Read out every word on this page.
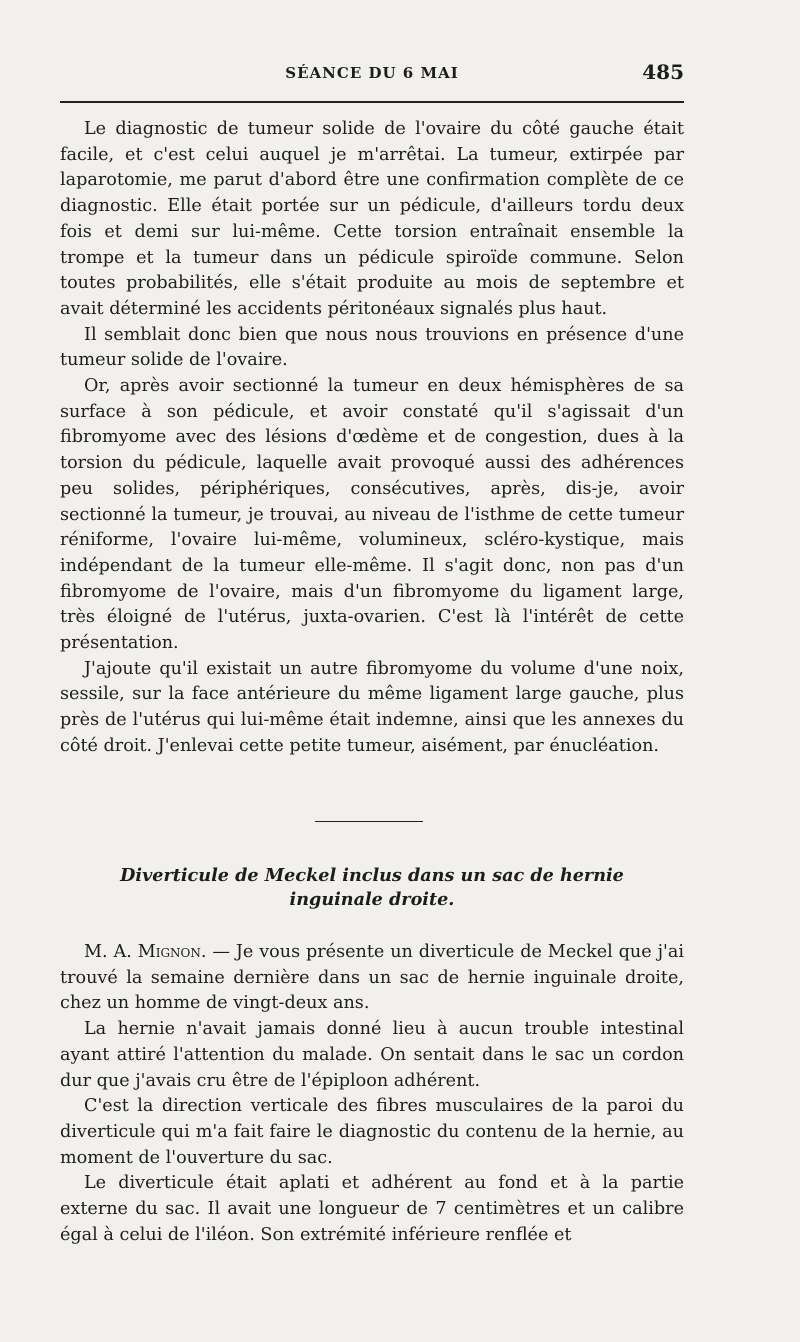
SÉANCE DU 6 MAI	485

Le diagnostic de tumeur solide de l'ovaire du côté gauche était facile, et c'est celui auquel je m'arrêtai. La tumeur, extirpée par laparotomie, me parut d'abord être une confirmation complète de ce diagnostic. Elle était portée sur un pédicule, d'ailleurs tordu deux fois et demi sur lui-même. Cette torsion entraînait ensemble la trompe et la tumeur dans un pédicule spiroïde commune. Selon toutes probabilités, elle s'était produite au mois de septembre et avait déterminé les accidents péritonéaux signalés plus haut.

Il semblait donc bien que nous nous trouvions en présence d'une tumeur solide de l'ovaire.

Or, après avoir sectionné la tumeur en deux hémisphères de sa surface à son pédicule, et avoir constaté qu'il s'agissait d'un fibromyome avec des lésions d'œdème et de congestion, dues à la torsion du pédicule, laquelle avait provoqué aussi des adhérences peu solides, périphériques, consécutives, après, dis-je, avoir sectionné la tumeur, je trouvai, au niveau de l'isthme de cette tumeur réniforme, l'ovaire lui-même, volumineux, scléro-kystique, mais indépendant de la tumeur elle-même. Il s'agit donc, non pas d'un fibromyome de l'ovaire, mais d'un fibromyome du ligament large, très éloigné de l'utérus, juxta-ovarien. C'est là l'intérêt de cette présentation.

J'ajoute qu'il existait un autre fibromyome du volume d'une noix, sessile, sur la face antérieure du même ligament large gauche, plus près de l'utérus qui lui-même était indemne, ainsi que les annexes du côté droit. J'enlevai cette petite tumeur, aisément, par énucléation.

Diverticule de Meckel inclus dans un sac de hernie
inguinale droite.

M. A. Mignon. — Je vous présente un diverticule de Meckel que j'ai trouvé la semaine dernière dans un sac de hernie inguinale droite, chez un homme de vingt-deux ans.

La hernie n'avait jamais donné lieu à aucun trouble intestinal ayant attiré l'attention du malade. On sentait dans le sac un cordon dur que j'avais cru être de l'épiploon adhérent.

C'est la direction verticale des fibres musculaires de la paroi du diverticule qui m'a fait faire le diagnostic du contenu de la hernie, au moment de l'ouverture du sac.

Le diverticule était aplati et adhérent au fond et à la partie externe du sac. Il avait une longueur de 7 centimètres et un calibre égal à celui de l'iléon. Son extrémité inférieure renflée et
